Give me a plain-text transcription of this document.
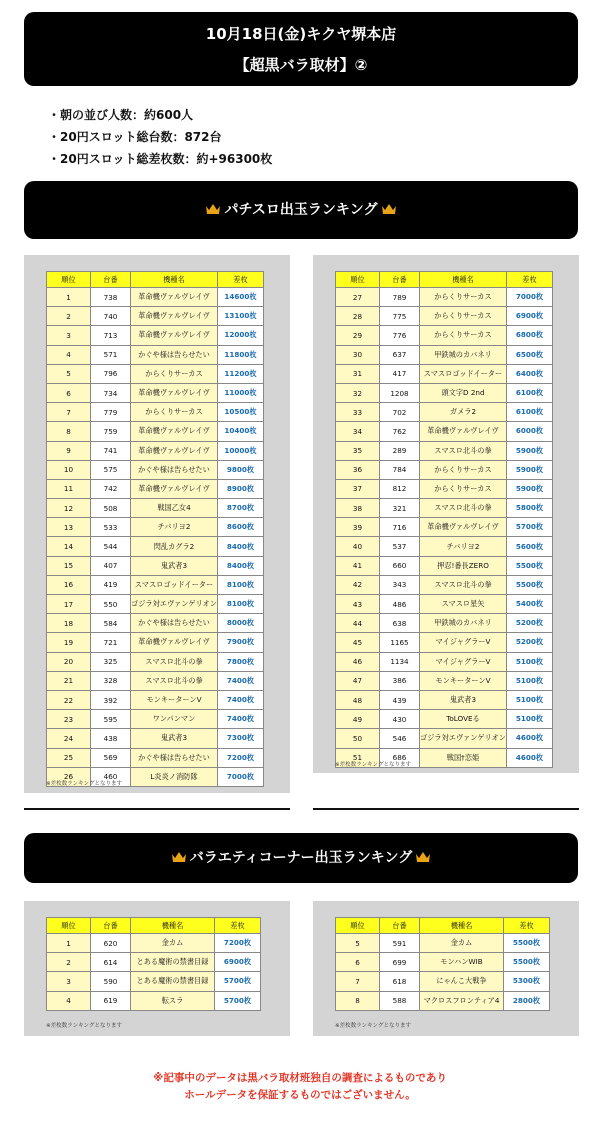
10月18日(金)キクヤ堺本店
【超黒バラ取材】②
・朝の並び人数：約600人
・20円スロット総台数：872台
・20円スロット総差枚数：約+96300枚
パチスロ出玉ランキング
順位	台番	機種名	差枚
1	738	革命機ヴァルヴレイヴ	14600枚
2	740	革命機ヴァルヴレイヴ	13100枚
3	713	革命機ヴァルヴレイヴ	12000枚
4	571	かぐや様は告らせたい	11800枚
5	796	からくりサーカス	11200枚
6	734	革命機ヴァルヴレイヴ	11000枚
7	779	からくりサーカス	10500枚
8	759	革命機ヴァルヴレイヴ	10400枚
9	741	革命機ヴァルヴレイヴ	10000枚
10	575	かぐや様は告らせたい	9800枚
11	742	革命機ヴァルヴレイヴ	8900枚
12	508	戦国乙女4	8700枚
13	533	チバリヨ2	8600枚
14	544	閃乱カグラ2	8400枚
15	407	鬼武者3	8400枚
16	419	スマスロゴッドイーター	8100枚
17	550	ゴジラ対エヴァンゲリオン	8100枚
18	584	かぐや様は告らせたい	8000枚
19	721	革命機ヴァルヴレイヴ	7900枚
20	325	スマスロ北斗の拳	7800枚
21	328	スマスロ北斗の拳	7400枚
22	392	モンキーターンV	7400枚
23	595	ワンパンマン	7400枚
24	438	鬼武者3	7300枚
25	569	かぐや様は告らせたい	7200枚
26	460	L炎炎ノ消防隊	7000枚
※差枚数ランキングとなります
順位	台番	機種名	差枚
27	789	からくりサーカス	7000枚
28	775	からくりサーカス	6900枚
29	776	からくりサーカス	6800枚
30	637	甲鉄城のカバネリ	6500枚
31	417	スマスロゴッドイーター	6400枚
32	1208	頭文字D 2nd	6100枚
33	702	ガメラ2	6100枚
34	762	革命機ヴァルヴレイヴ	6000枚
35	289	スマスロ北斗の拳	5900枚
36	784	からくりサーカス	5900枚
37	812	からくりサーカス	5900枚
38	321	スマスロ北斗の拳	5800枚
39	716	革命機ヴァルヴレイヴ	5700枚
40	537	チバリヨ2	5600枚
41	660	押忍!番長ZERO	5500枚
42	343	スマスロ北斗の拳	5500枚
43	486	スマスロ星矢	5400枚
44	638	甲鉄城のカバネリ	5200枚
45	1165	マイジャグラーV	5200枚
46	1134	マイジャグラーV	5100枚
47	386	モンキーターンV	5100枚
48	439	鬼武者3	5100枚
49	430	ToLOVEる	5100枚
50	546	ゴジラ対エヴァンゲリオン	4600枚
51	686	戦国†恋姫	4600枚
※差枚数ランキングとなります
バラエティコーナー出玉ランキング
順位	台番	機種名	差枚
1	620	金カム	7200枚
2	614	とある魔術の禁書目録	6900枚
3	590	とある魔術の禁書目録	5700枚
4	619	転スラ	5700枚
※差枚数ランキングとなります
順位	台番	機種名	差枚
5	591	金カム	5500枚
6	699	モンハンWIB	5500枚
7	618	にゃんこ大戦争	5300枚
8	588	マクロスフロンティア4	2800枚
※差枚数ランキングとなります
※記事中のデータは黒バラ取材班独自の調査によるものであり
ホールデータを保証するものではございません。
